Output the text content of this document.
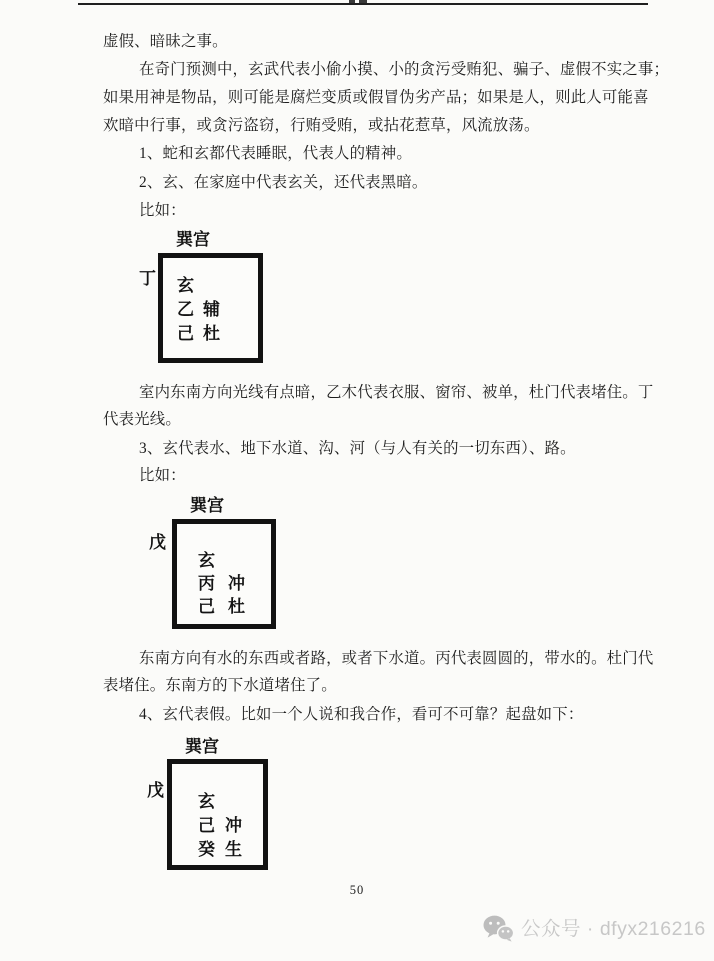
虚假、暗昧之事。
在奇门预测中，玄武代表小偷小摸、小的贪污受贿犯、骗子、虚假不实之事；
如果用神是物品，则可能是腐烂变质或假冒伪劣产品；如果是人，则此人可能喜
欢暗中行事，或贪污盗窃，行贿受贿，或拈花惹草，风流放荡。
1、蛇和玄都代表睡眠，代表人的精神。
2、玄、在家庭中代表玄关，还代表黑暗。
比如：
巽宫
丁 玄
乙 辅
己 杜
室内东南方向光线有点暗，乙木代表衣服、窗帘、被单，杜门代表堵住。丁
代表光线。
3、玄代表水、地下水道、沟、河（与人有关的一切东西）、路。
比如：
巽宫
戊
玄
丙 冲
己 杜
东南方向有水的东西或者路，或者下水道。丙代表圆圆的，带水的。杜门代
表堵住。东南方的下水道堵住了。
4、玄代表假。比如一个人说和我合作，看可不可靠？起盘如下：
巽宫
戊
玄
己 冲
癸 生
50
公众号 · dfyx216216
